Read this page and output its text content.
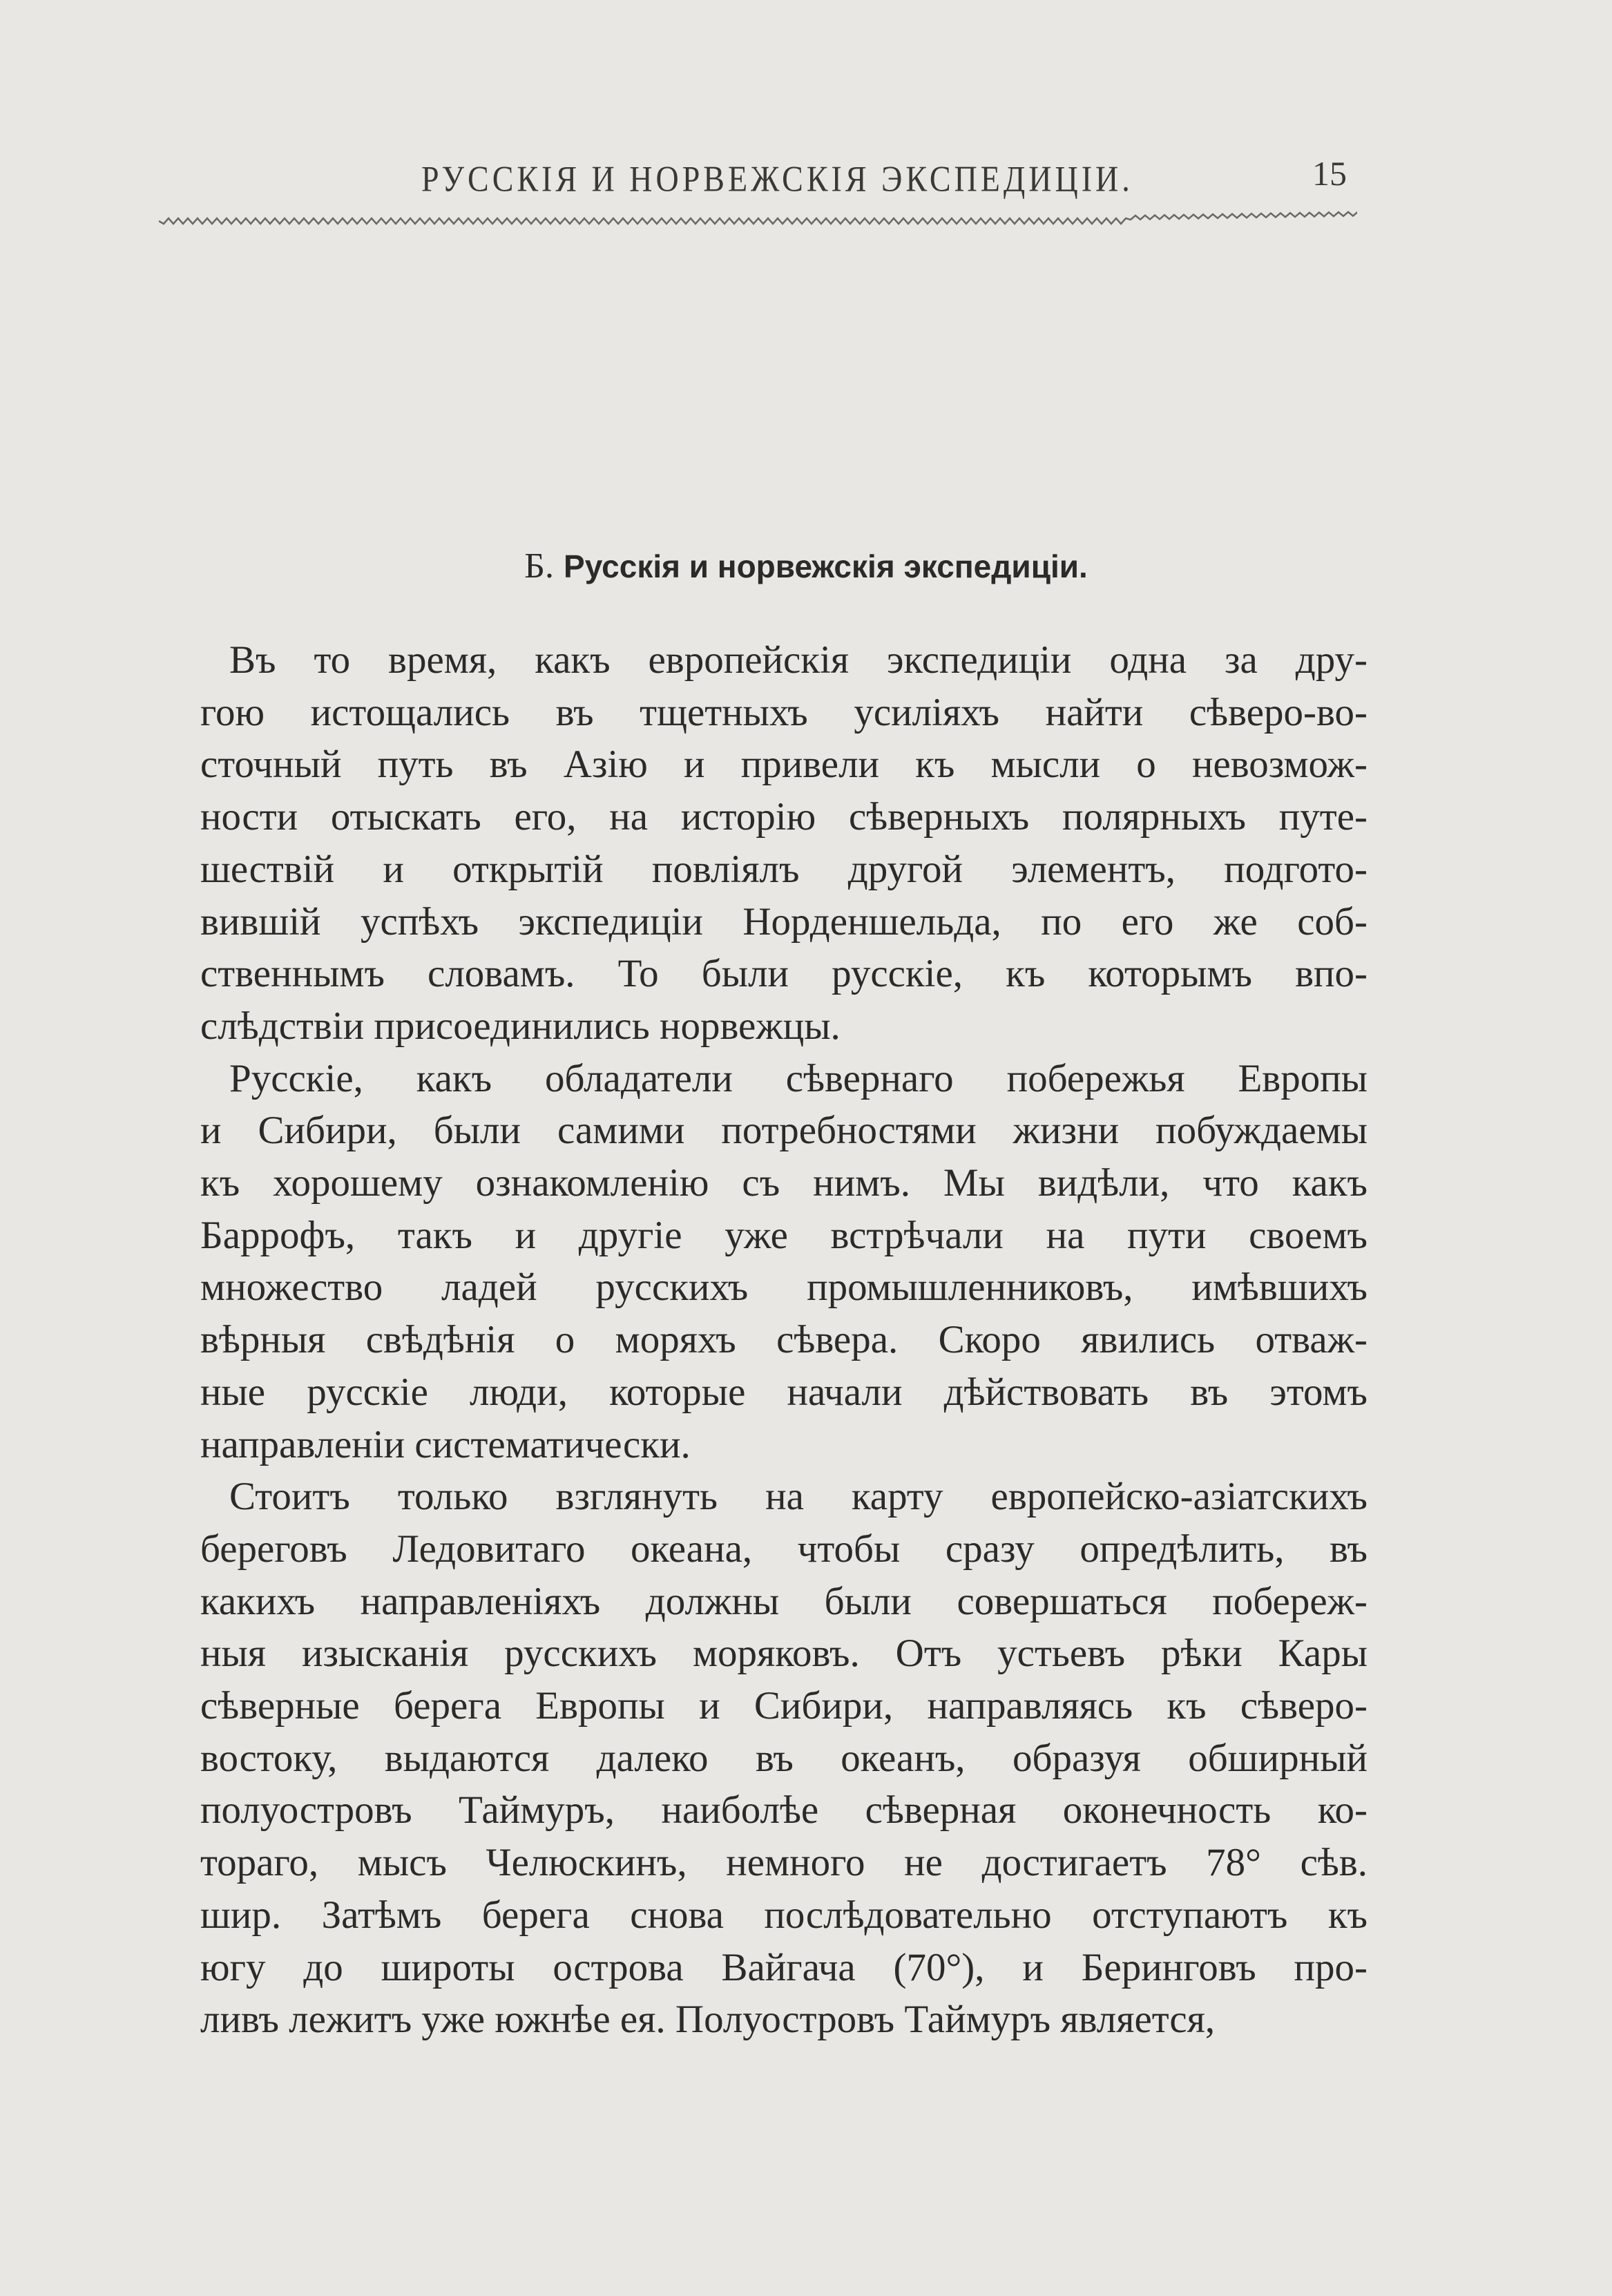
РУССКІЯ И НОРВЕЖСКІЯ ЭКСПЕДИЦІИ.	15
Б. Русскія и норвежскія экспедиціи.
Въ то время, какъ европейскія экспедиціи одна за дру-
гою истощались въ тщетныхъ усиліяхъ найти сѣверо-во-
сточный путь въ Азію и привели къ мысли о невозмож-
ности отыскать его, на исторію сѣверныхъ полярныхъ путе-
шествій и открытій повліялъ другой элементъ, подгото-
вившій успѣхъ экспедиціи Норденшельда, по его же соб-
ственнымъ словамъ. То были русскіе, къ которымъ впо-
слѣдствіи присоединились норвежцы.
Русскіе, какъ обладатели сѣвернаго побережья Европы
и Сибири, были самими потребностями жизни побуждаемы
къ хорошему ознакомленію съ нимъ. Мы видѣли, что какъ
Баррофъ, такъ и другіе уже встрѣчали на пути своемъ
множество ладей русскихъ промышленниковъ, имѣвшихъ
вѣрныя свѣдѣнія о моряхъ сѣвера. Скоро явились отваж-
ные русскіе люди, которые начали дѣйствовать въ этомъ
направленіи систематически.
Стоитъ только взглянуть на карту европейско-азіатскихъ
береговъ Ледовитаго океана, чтобы сразу опредѣлить, въ
какихъ направленіяхъ должны были совершаться побереж-
ныя изысканія русскихъ моряковъ. Отъ устьевъ рѣки Кары
сѣверные берега Европы и Сибири, направляясь къ сѣверо-
востоку, выдаются далеко въ океанъ, образуя обширный
полуостровъ Таймуръ, наиболѣе сѣверная оконечность ко-
тораго, мысъ Челюскинъ, немного не достигаетъ 78° сѣв.
шир. Затѣмъ берега снова послѣдовательно отступаютъ къ
югу до широты острова Вайгача (70°), и Беринговъ про-
ливъ лежитъ уже южнѣе ея. Полуостровъ Таймуръ является,
